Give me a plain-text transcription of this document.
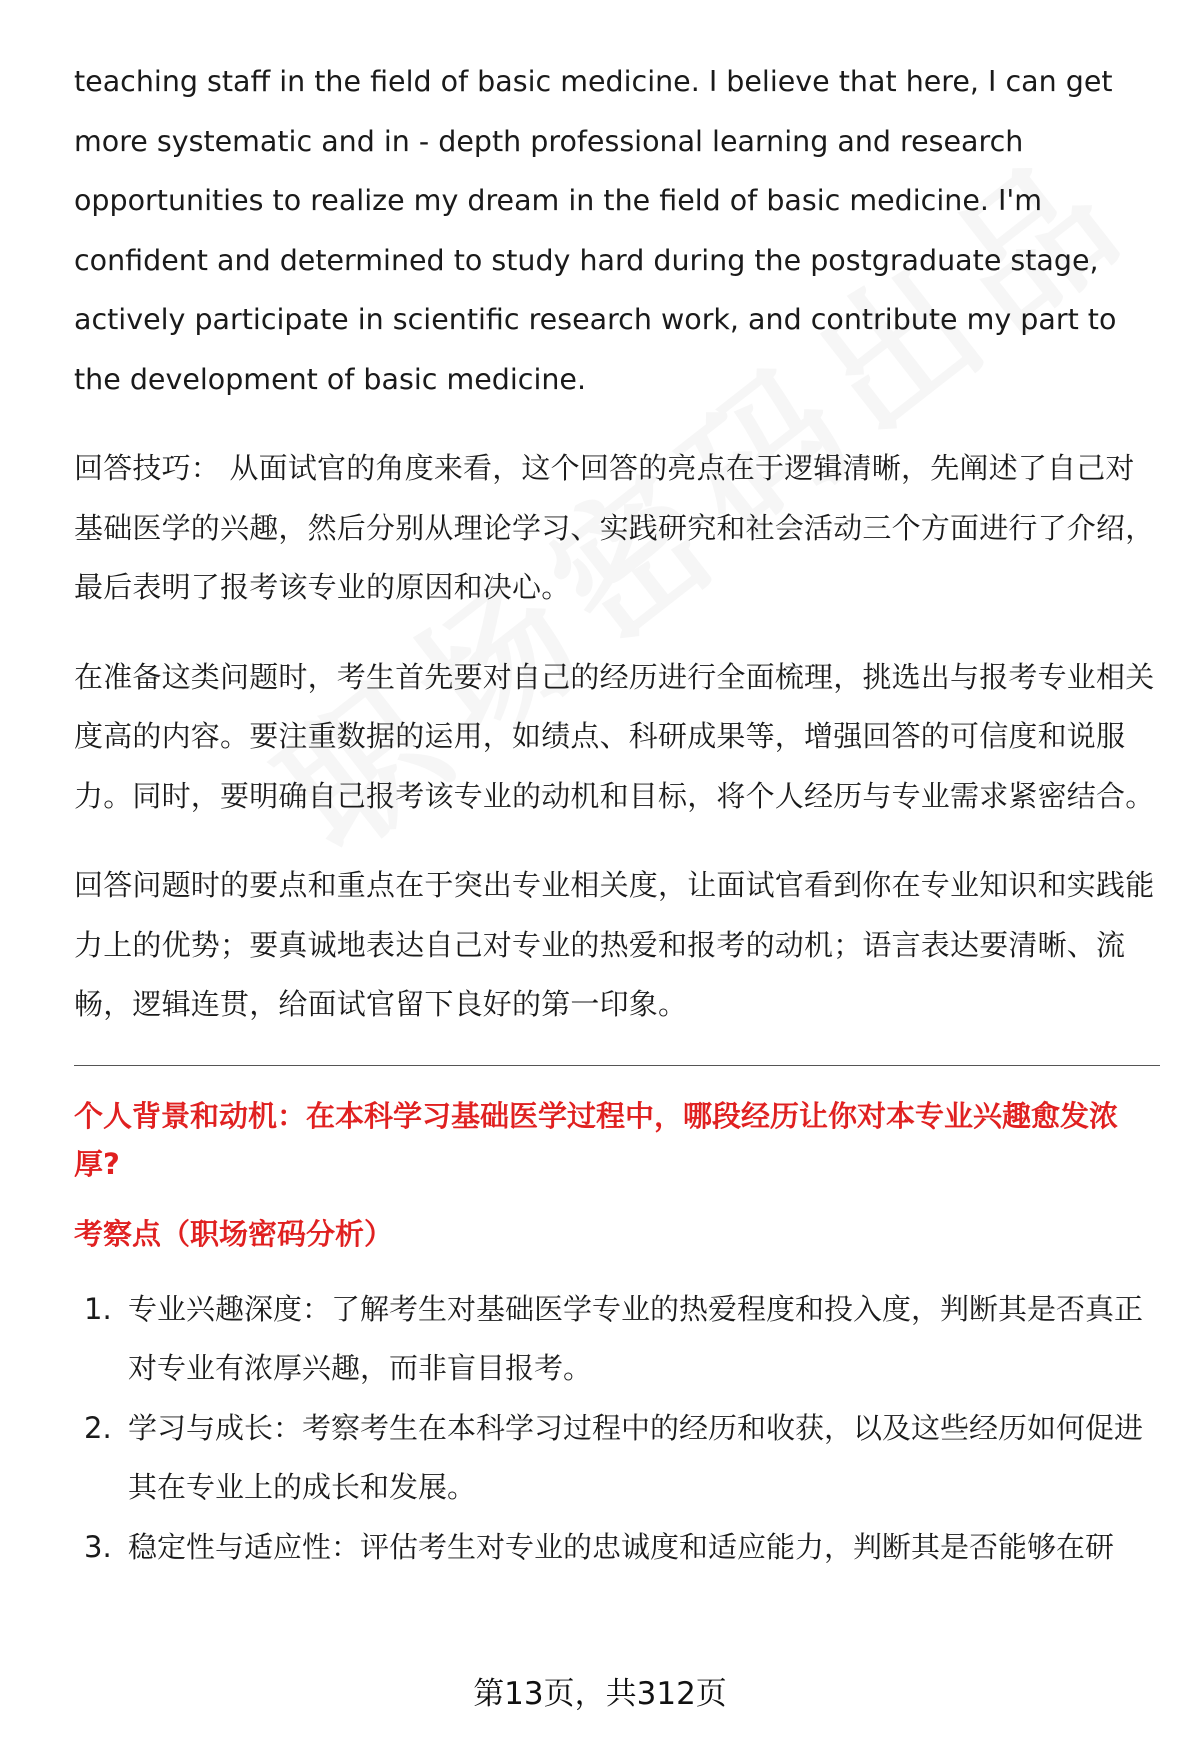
teaching staff in the field of basic medicine. I believe that here, I can get more systematic and in - depth professional learning and research opportunities to realize my dream in the field of basic medicine. I'm confident and determined to study hard during the postgraduate stage, actively participate in scientific research work, and contribute my part to the development of basic medicine.

回答技巧： 从面试官的角度来看，这个回答的亮点在于逻辑清晰，先阐述了自己对基础医学的兴趣，然后分别从理论学习、实践研究和社会活动三个方面进行了介绍，最后表明了报考该专业的原因和决心。

在准备这类问题时，考生首先要对自己的经历进行全面梳理，挑选出与报考专业相关度高的内容。要注重数据的运用，如绩点、科研成果等，增强回答的可信度和说服力。同时，要明确自己报考该专业的动机和目标，将个人经历与专业需求紧密结合。

回答问题时的要点和重点在于突出专业相关度，让面试官看到你在专业知识和实践能力上的优势；要真诚地表达自己对专业的热爱和报考的动机；语言表达要清晰、流畅，逻辑连贯，给面试官留下良好的第一印象。

个人背景和动机：在本科学习基础医学过程中，哪段经历让你对本专业兴趣愈发浓厚?
考察点（职场密码分析）
1. 专业兴趣深度：了解考生对基础医学专业的热爱程度和投入度，判断其是否真正对专业有浓厚兴趣，而非盲目报考。
2. 学习与成长：考察考生在本科学习过程中的经历和收获，以及这些经历如何促进其在专业上的成长和发展。
3. 稳定性与适应性：评估考生对专业的忠诚度和适应能力，判断其是否能够在研
第13页，共312页
